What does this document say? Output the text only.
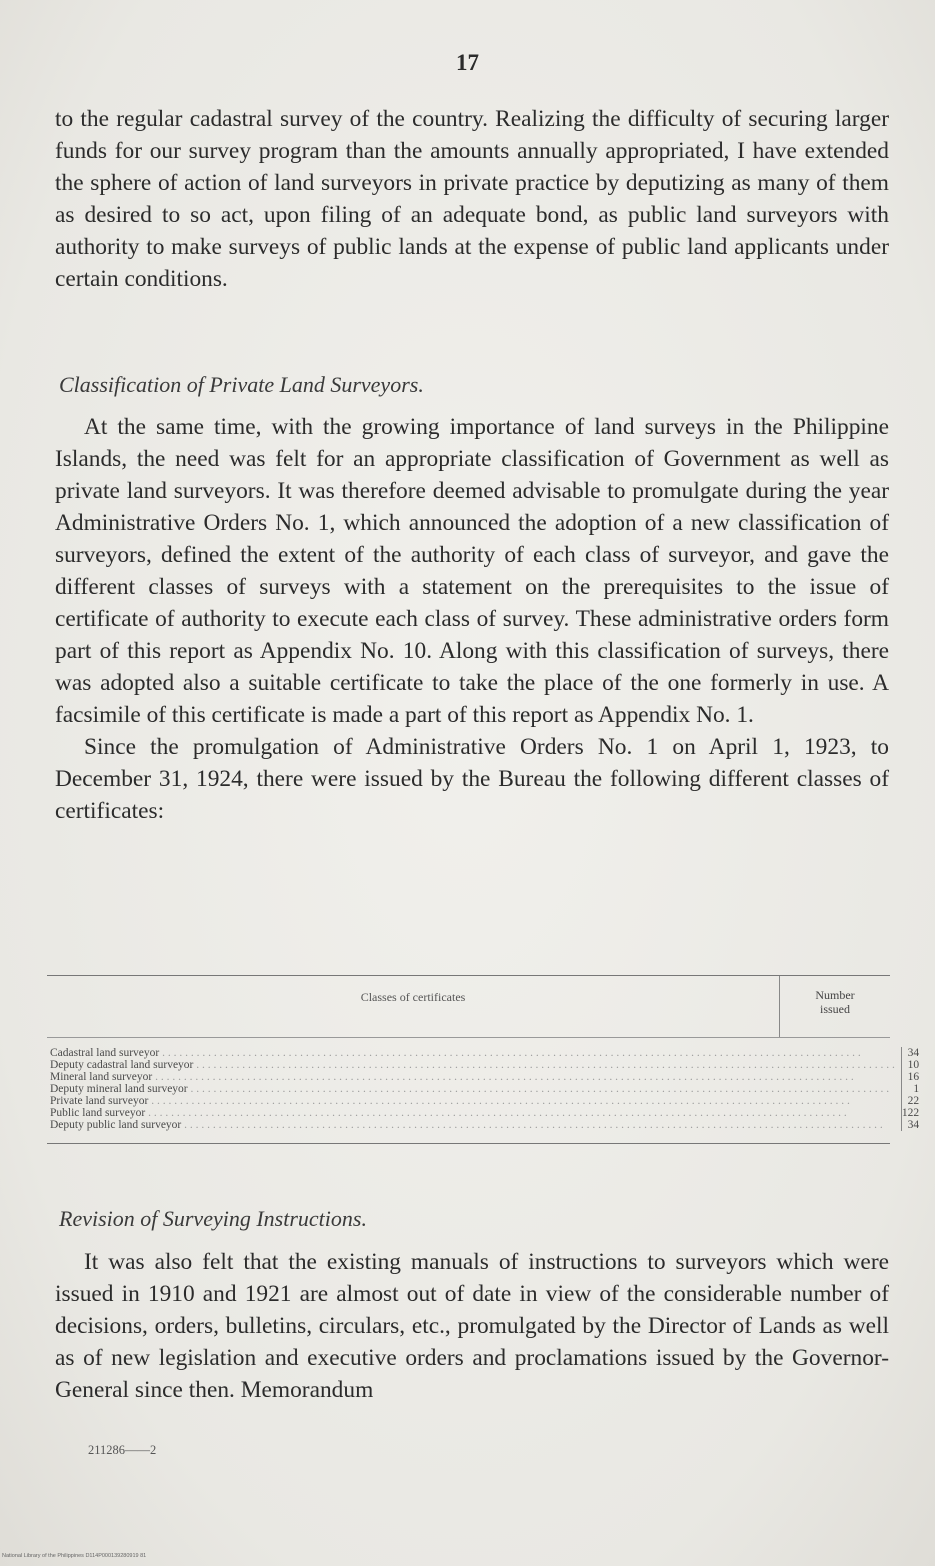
17

to the regular cadastral survey of the country. Realizing the difficulty of securing larger funds for our survey program than the amounts annually appropriated, I have extended the sphere of action of land surveyors in private practice by deputizing as many of them as desired to so act, upon filing of an adequate bond, as public land surveyors with authority to make surveys of public lands at the expense of public land applicants under certain conditions.

Classification of Private Land Surveyors.

At the same time, with the growing importance of land surveys in the Philippine Islands, the need was felt for an appropriate classification of Government as well as private land surveyors. It was therefore deemed advisable to promulgate during the year Administrative Orders No. 1, which announced the adoption of a new classification of surveyors, defined the extent of the authority of each class of surveyor, and gave the different classes of surveys with a statement on the prerequisites to the issue of certificate of authority to execute each class of survey. These administrative orders form part of this report as Appendix No. 10. Along with this classification of surveys, there was adopted also a suitable certificate to take the place of the one formerly in use. A facsimile of this certificate is made a part of this report as Appendix No. 1.

Since the promulgation of Administrative Orders No. 1 on April 1, 1923, to December 31, 1924, there were issued by the Bureau the following different classes of certificates:

Classes of certificates	Number
issued
Cadastral land surveyor . . .
Deputy cadastral land surveyor . . .
Mineral land surveyor . . .
Deputy mineral land surveyor . . .
Private land surveyor . . .
Public land surveyor . . .
Deputy public land surveyor . . .
34
10
16
1
22
122
34
Revision of Surveying Instructions.

It was also felt that the existing manuals of instructions to surveyors which were issued in 1910 and 1921 are almost out of date in view of the considerable number of decisions, orders, bulletins, circulars, etc., promulgated by the Director of Lands as well as of new legislation and executive orders and proclamations issued by the Governor-General since then. Memorandum

211286——2
National Library of the Philippines D114P000139280919 81
